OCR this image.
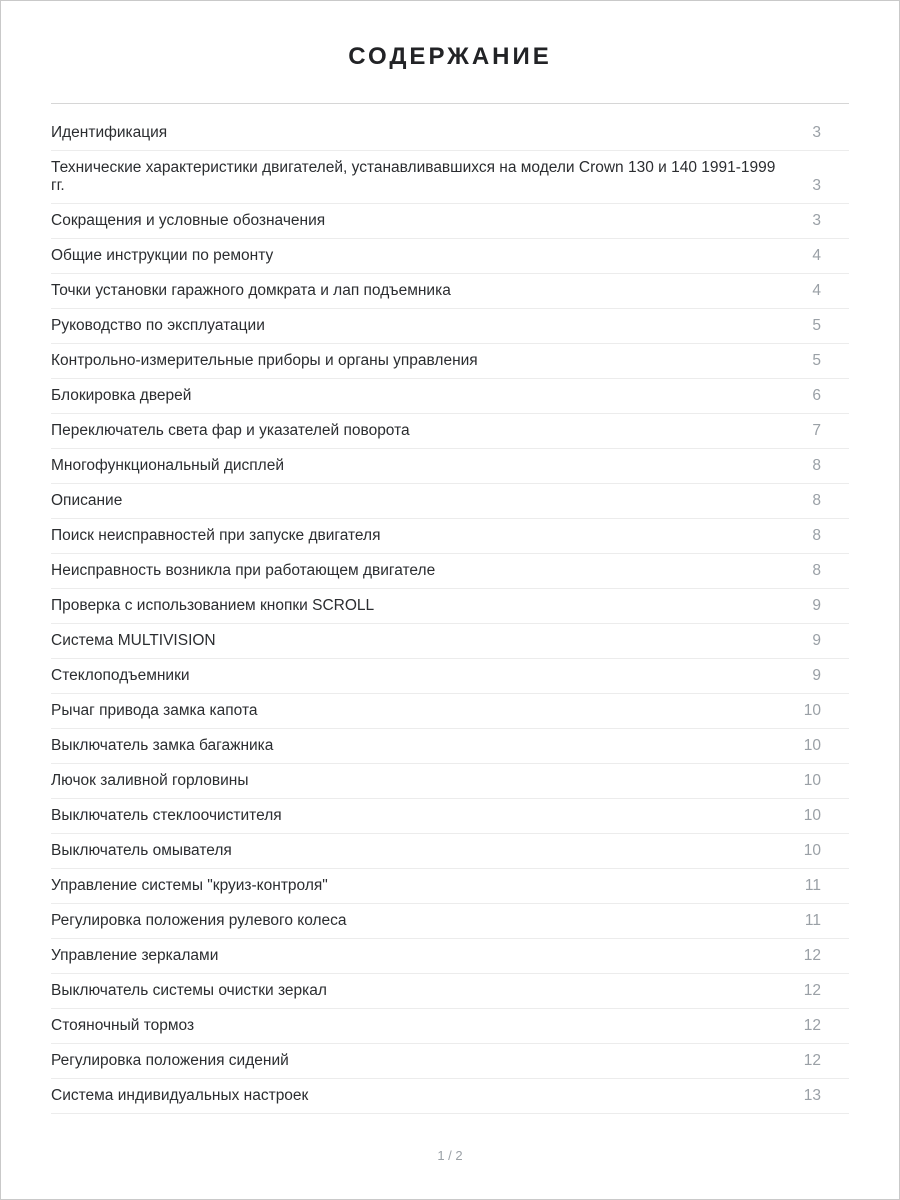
СОДЕРЖАНИЕ
Идентификация	3
Технические характеристики двигателей, устанавливавшихся на модели Crown 130 и 140 1991-1999 гг.	3
Сокращения и условные обозначения	3
Общие инструкции по ремонту	4
Точки установки гаражного домкрата и лап подъемника	4
Руководство по эксплуатации	5
Контрольно-измерительные приборы и органы управления	5
Блокировка дверей	6
Переключатель света фар и указателей поворота	7
Многофункциональный дисплей	8
Описание	8
Поиск неисправностей при запуске двигателя	8
Неисправность возникла при работающем двигателе	8
Проверка с использованием кнопки SCROLL	9
Система MULTIVISION	9
Стеклоподъемники	9
Рычаг привода замка капота	10
Выключатель замка багажника	10
Лючок заливной горловины	10
Выключатель стеклоочистителя	10
Выключатель омывателя	10
Управление системы "круиз-контроля"	11
Регулировка положения рулевого колеса	11
Управление зеркалами	12
Выключатель системы очистки зеркал	12
Стояночный тормоз	12
Регулировка положения сидений	12
Система индивидуальных настроек	13
1 / 2
